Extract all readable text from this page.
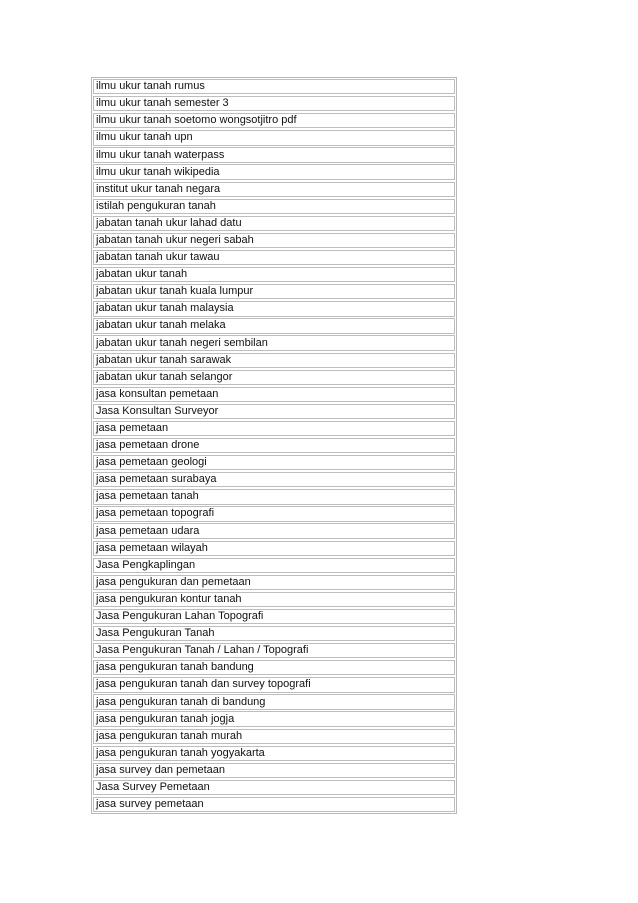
ilmu ukur tanah rumus
ilmu ukur tanah semester 3
ilmu ukur tanah soetomo wongsotjitro pdf
ilmu ukur tanah upn
ilmu ukur tanah waterpass
ilmu ukur tanah wikipedia
institut ukur tanah negara
istilah pengukuran tanah
jabatan tanah ukur lahad datu
jabatan tanah ukur negeri sabah
jabatan tanah ukur tawau
jabatan ukur tanah
jabatan ukur tanah kuala lumpur
jabatan ukur tanah malaysia
jabatan ukur tanah melaka
jabatan ukur tanah negeri sembilan
jabatan ukur tanah sarawak
jabatan ukur tanah selangor
jasa konsultan pemetaan
Jasa Konsultan Surveyor
jasa pemetaan
jasa pemetaan drone
jasa pemetaan geologi
jasa pemetaan surabaya
jasa pemetaan tanah
jasa pemetaan topografi
jasa pemetaan udara
jasa pemetaan wilayah
Jasa Pengkaplingan
jasa pengukuran dan pemetaan
jasa pengukuran kontur tanah
Jasa Pengukuran Lahan Topografi
Jasa Pengukuran Tanah
Jasa Pengukuran Tanah / Lahan / Topografi
jasa pengukuran tanah bandung
jasa pengukuran tanah dan survey topografi
jasa pengukuran tanah di bandung
jasa pengukuran tanah jogja
jasa pengukuran tanah murah
jasa pengukuran tanah yogyakarta
jasa survey dan pemetaan
Jasa Survey Pemetaan
jasa survey pemetaan
